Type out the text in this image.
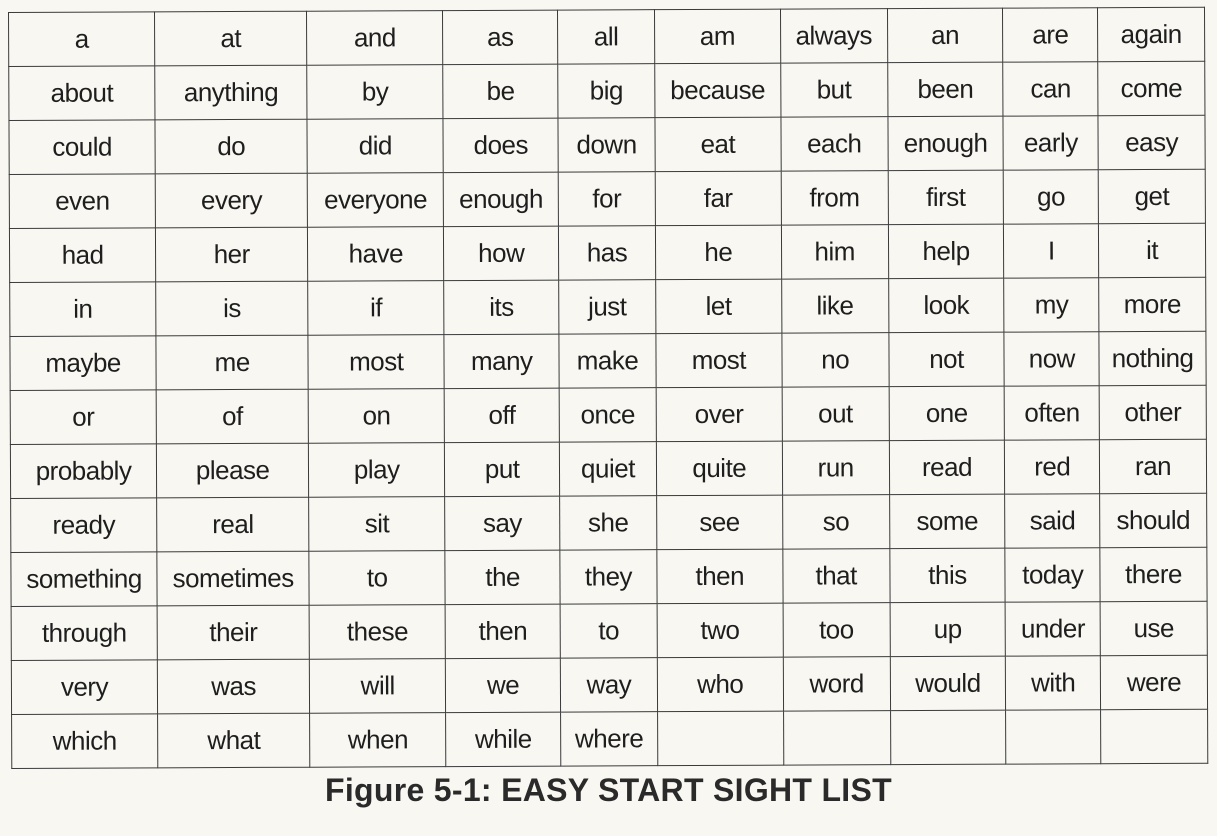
a	at	and	as	all	am	always	an	are	again
about	anything	by	be	big	because	but	been	can	come
could	do	did	does	down	eat	each	enough	early	easy
even	every	everyone	enough	for	far	from	first	go	get
had	her	have	how	has	he	him	help	I	it
in	is	if	its	just	let	like	look	my	more
maybe	me	most	many	make	most	no	not	now	nothing
or	of	on	off	once	over	out	one	often	other
probably	please	play	put	quiet	quite	run	read	red	ran
ready	real	sit	say	she	see	so	some	said	should
something	sometimes	to	the	they	then	that	this	today	there
through	their	these	then	to	two	too	up	under	use
very	was	will	we	way	who	word	would	with	were
which	what	when	while	where					
Figure 5-1: EASY START SIGHT LIST
